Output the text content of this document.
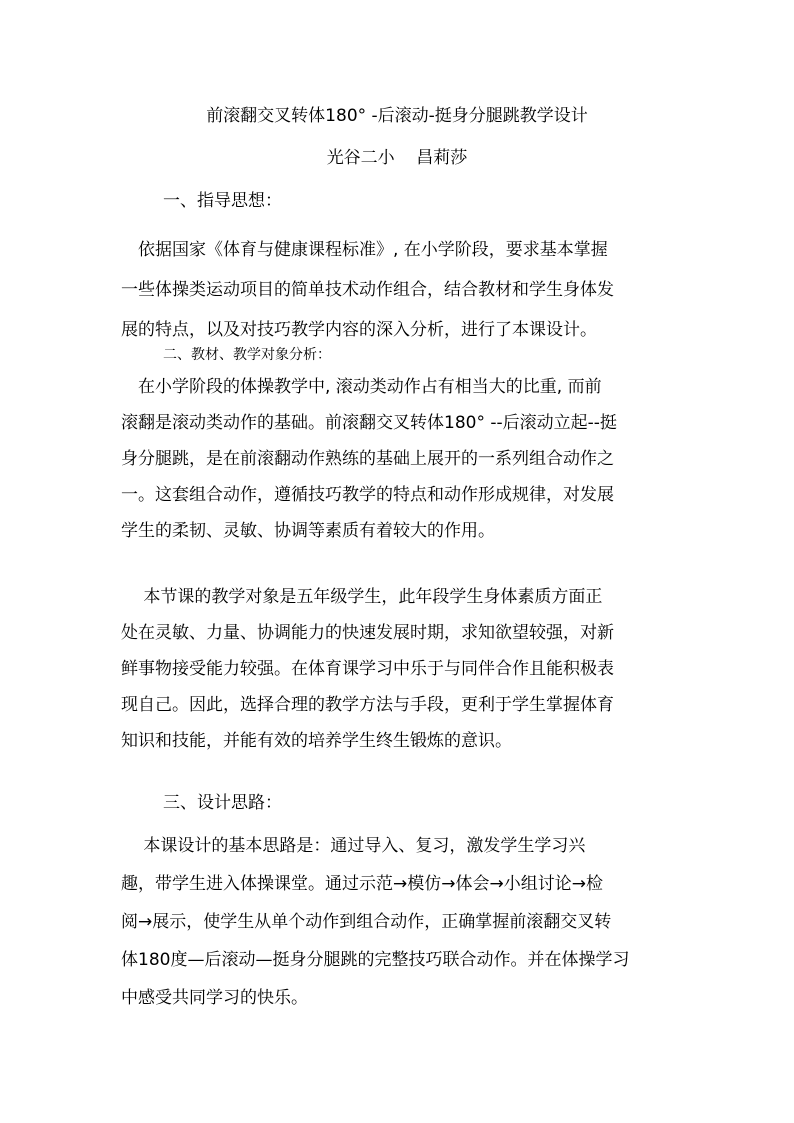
前滚翻交叉转体180° -后滚动-挺身分腿跳教学设计
光谷二小    昌莉莎
一、指导思想：
　依据国家《体育与健康课程标准》, 在小学阶段，要求基本掌握
一些体操类运动项目的简单技术动作组合，结合教材和学生身体发
展的特点，以及对技巧教学内容的深入分析，进行了本课设计。
二、教材、教学对象分析：
　在小学阶段的体操教学中, 滚动类动作占有相当大的比重, 而前
滚翻是滚动类动作的基础。前滚翻交叉转体180° --后滚动立起--挺
身分腿跳，是在前滚翻动作熟练的基础上展开的一系列组合动作之
一。这套组合动作，遵循技巧教学的特点和动作形成规律，对发展
学生的柔韧、灵敏、协调等素质有着较大的作用。
　 本节课的教学对象是五年级学生，此年段学生身体素质方面正
处在灵敏、力量、协调能力的快速发展时期，求知欲望较强，对新
鲜事物接受能力较强。在体育课学习中乐于与同伴合作且能积极表
现自己。因此，选择合理的教学方法与手段，更利于学生掌握体育
知识和技能，并能有效的培养学生终生锻炼的意识。
三、设计思路：
　 本课设计的基本思路是：通过导入、复习，激发学生学习兴
趣，带学生进入体操课堂。通过示范→模仿→体会→小组讨论→检
阅→展示，使学生从单个动作到组合动作，正确掌握前滚翻交叉转
体180度—后滚动—挺身分腿跳的完整技巧联合动作。并在体操学习
中感受共同学习的快乐。
